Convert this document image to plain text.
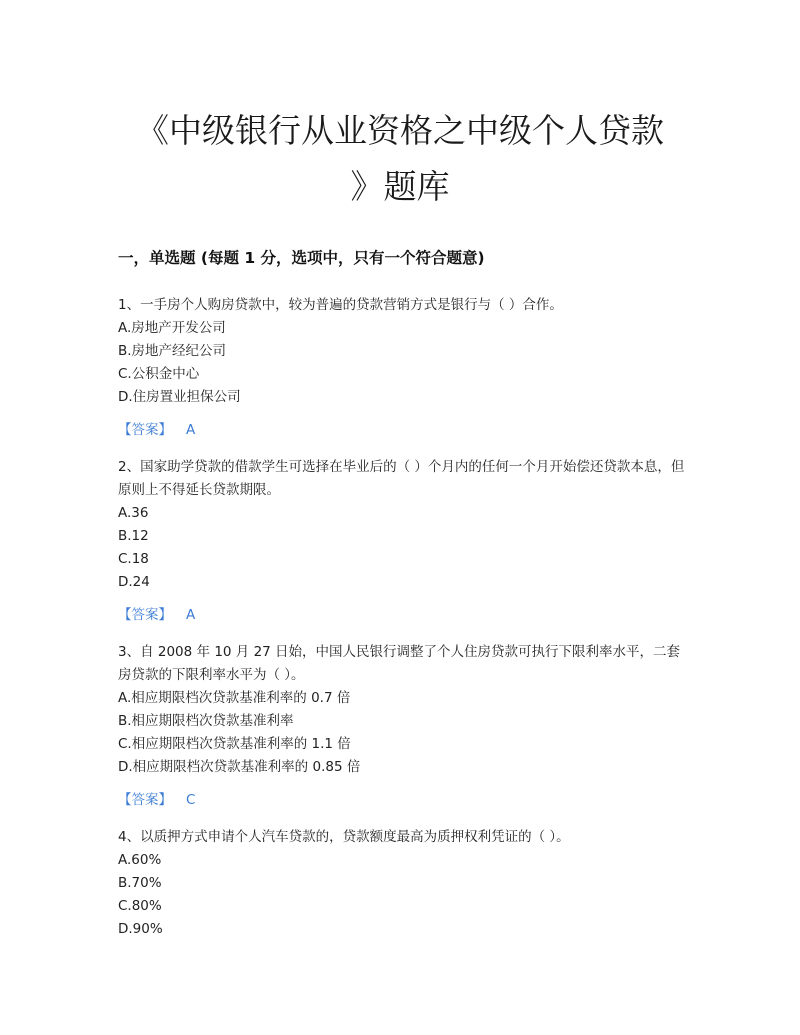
《中级银行从业资格之中级个人贷款
》题库
一，单选题 (每题 1 分，选项中，只有一个符合题意)

1、一手房个人购房贷款中，较为普遍的贷款营销方式是银行与（ ）合作。

A.房地产开发公司

B.房地产经纪公司

C.公积金中心

D.住房置业担保公司

【答案】 A

2、国家助学贷款的借款学生可选择在毕业后的（ ）个月内的任何一个月开始偿还贷款本息，但原则上不得延长贷款期限。

A.36

B.12

C.18

D.24

【答案】 A

3、自 2008 年 10 月 27 日始，中国人民银行调整了个人住房贷款可执行下限利率水平，二套房贷款的下限利率水平为（ ）。

A.相应期限档次贷款基准利率的 0.7 倍

B.相应期限档次贷款基准利率

C.相应期限档次贷款基准利率的 1.1 倍

D.相应期限档次贷款基准利率的 0.85 倍

【答案】 C

4、以质押方式申请个人汽车贷款的，贷款额度最高为质押权利凭证的（ ）。

A.60%

B.70%

C.80%

D.90%
